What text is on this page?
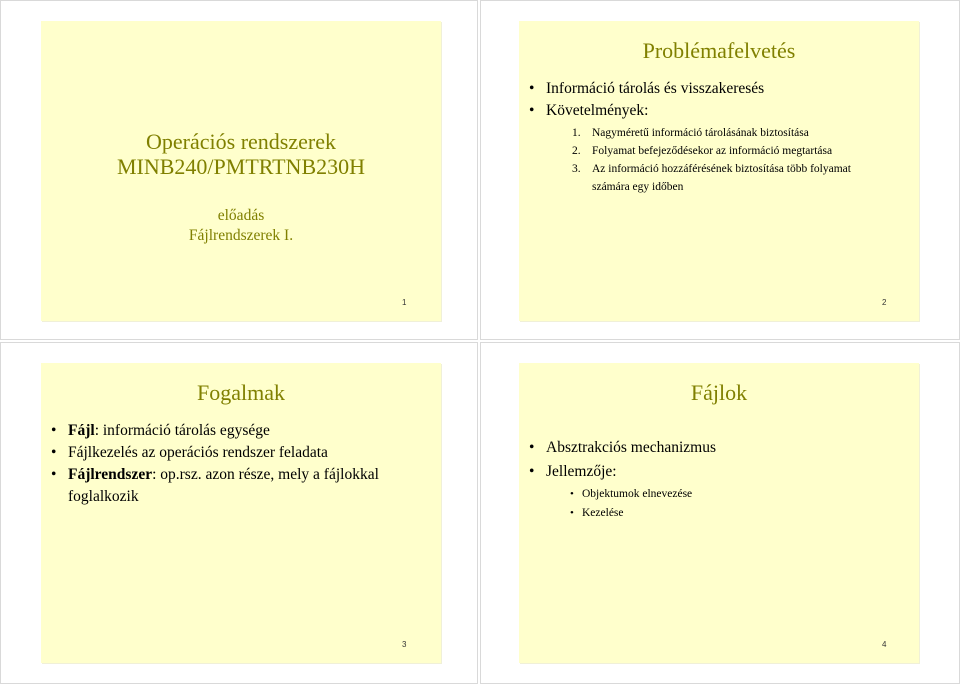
Operációs rendszerek
MINB240/PMTRTNB230H
előadás
Fájlrendszerek I.
1
Problémafelvetés
• Információ tárolás és visszakeresés
• Követelmények:
1. Nagyméretű információ tárolásának biztosítása
2. Folyamat befejeződésekor az információ megtartása
3. Az információ hozzáférésének biztosítása több folyamat számára egy időben
2
Fogalmak
• Fájl: információ tárolás egysége
• Fájlkezelés az operációs rendszer feladata
• Fájlrendszer: op.rsz. azon része, mely a fájlokkal foglalkozik
3
Fájlok
• Absztrakciós mechanizmus
• Jellemzője:
• Objektumok elnevezése
• Kezelése
4
